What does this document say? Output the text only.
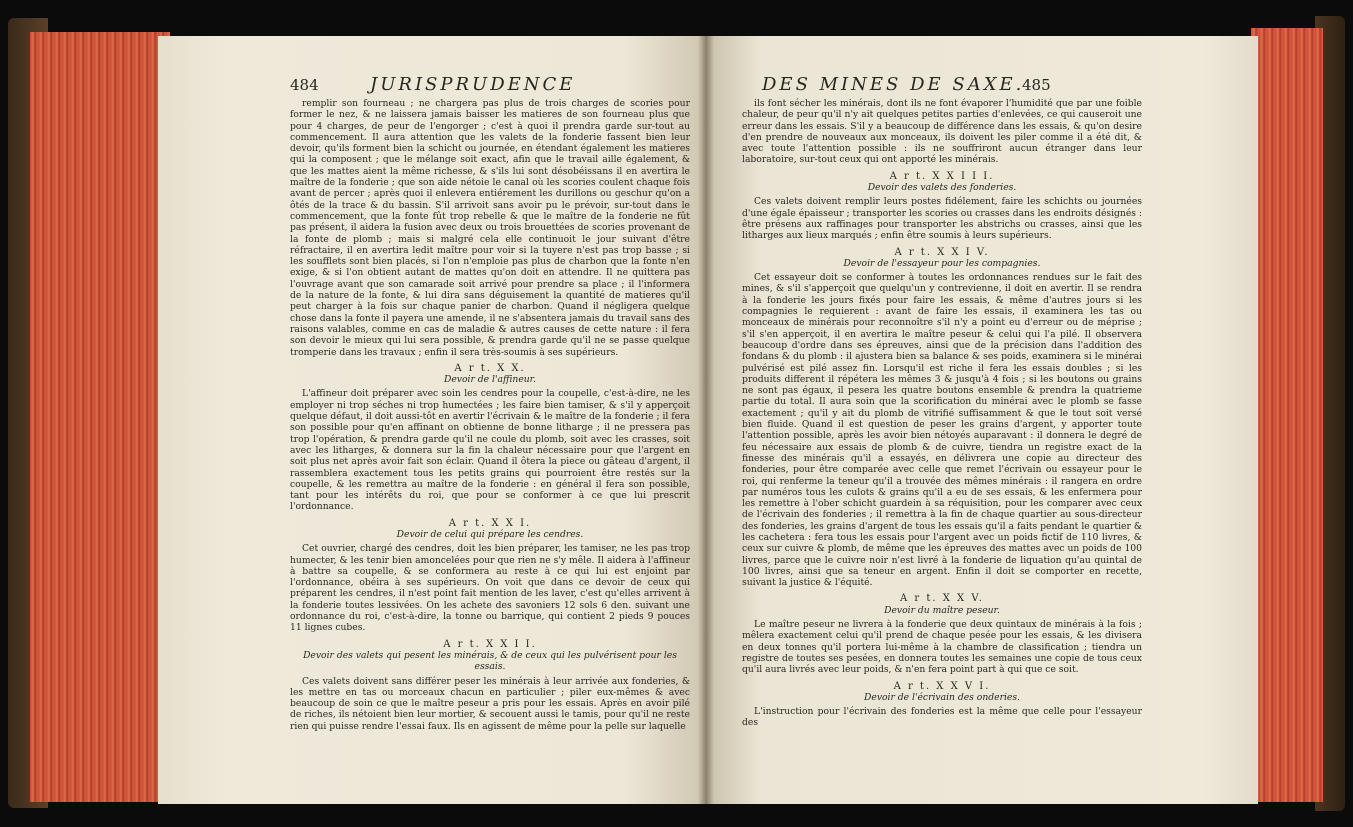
484	JURISPRUDENCE

remplir son fourneau ; ne chargera pas plus de trois charges de scories pour former le nez, & ne laissera jamais baisser les matieres de son fourneau plus que pour 4 charges, de peur de l'engorger ; c'est à quoi il prendra garde sur-tout au commencement. Il aura attention que les valets de la fonderie fassent bien leur devoir, qu'ils forment bien la schicht ou journée, en étendant également les matieres qui la composent ; que le mélange soit exact, afin que le travail aille également, & que les mattes aient la même richesse, & s'ils lui sont désobéissans il en avertira le maître de la fonderie ; que son aide nétoie le canal où les scories coulent chaque fois avant de percer ; après quoi il enlevera entiérement les durillons ou geschur qu'on a ôtés de la trace & du bassin. S'il arrivoit sans avoir pu le prévoir, sur-tout dans le commencement, que la fonte fût trop rebelle & que le maître de la fonderie ne fût pas présent, il aidera la fusion avec deux ou trois brouettées de scories provenant de la fonte de plomb ; mais si malgré cela elle continuoit le jour suivant d'être réfractaire, il en avertira ledit maître pour voir si la tuyere n'est pas trop basse ; si les soufflets sont bien placés, si l'on n'emploie pas plus de charbon que la fonte n'en exige, & si l'on obtient autant de mattes qu'on doit en attendre. Il ne quittera pas l'ouvrage avant que son camarade soit arrivé pour prendre sa place ; il l'informera de la nature de la fonte, & lui dira sans déguisement la quantité de matieres qu'il peut charger à la fois sur chaque panier de charbon. Quand il négligera quelque chose dans la fonte il payera une amende, il ne s'absentera jamais du travail sans des raisons valables, comme en cas de maladie & autres causes de cette nature : il fera son devoir le mieux qui lui sera possible, & prendra garde qu'il ne se passe quelque tromperie dans les travaux ; enfin il sera très-soumis à ses supérieurs.

A r t. X X.
Devoir de l'affineur.

L'affineur doit préparer avec soin les cendres pour la coupelle, c'est-à-dire, ne les employer ni trop séches ni trop humectées ; les faire bien tamiser, & s'il y apperçoit quelque défaut, il doit aussi-tôt en avertir l'écrivain & le maître de la fonderie ; il fera son possible pour qu'en affinant on obtienne de bonne litharge ; il ne pressera pas trop l'opération, & prendra garde qu'il ne coule du plomb, soit avec les crasses, soit avec les litharges, & donnera sur la fin la chaleur nécessaire pour que l'argent en soit plus net après avoir fait son éclair. Quand il ôtera la piece ou gâteau d'argent, il rassemblera exactement tous les petits grains qui pourroient être restés sur la coupelle, & les remettra au maître de la fonderie : en général il fera son possible, tant pour les intérêts du roi, que pour se conformer à ce que lui prescrit l'ordonnance.

A r t. X X I.
Devoir de celui qui prépare les cendres.

Cet ouvrier, chargé des cendres, doit les bien préparer, les tamiser, ne les pas trop humecter, & les tenir bien amoncelées pour que rien ne s'y mêle. Il aidera à l'affineur à battre sa coupelle, & se conformera au reste à ce qui lui est enjoint par l'ordonnance, obéira à ses supérieurs. On voit que dans ce devoir de ceux qui préparent les cendres, il n'est point fait mention de les laver, c'est qu'elles arrivent à la fonderie toutes lessivées. On les achete des savoniers 12 sols 6 den. suivant une ordonnance du roi, c'est-à-dire, la tonne ou barrique, qui contient 2 pieds 9 pouces 11 lignes cubes.

A r t. X X I I.
Devoir des valets qui pesent les minérais, & de ceux qui les pulvérisent pour les essais.

Ces valets doivent sans différer peser les minérais à leur arrivée aux fonderies, & les mettre en tas ou morceaux chacun en particulier ; piler eux-mêmes & avec beaucoup de soin ce que le maître peseur a pris pour les essais. Après en avoir pilé de riches, ils nétoient bien leur mortier, & secouent aussi le tamis, pour qu'il ne reste rien qui puisse rendre l'essai faux. Ils en agissent de même pour la pelle sur laquelle

DES MINES DE SAXE.
485

ils font sécher les minérais, dont ils ne font évaporer l'humidité que par une foible chaleur, de peur qu'il n'y ait quelques petites parties d'enlevées, ce qui causeroit une erreur dans les essais. S'il y a beaucoup de différence dans les essais, & qu'on desire d'en prendre de nouveaux aux monceaux, ils doivent les piler comme il a été dit, & avec toute l'attention possible : ils ne souffriront aucun étranger dans leur laboratoire, sur-tout ceux qui ont apporté les minérais.

A r t. X X I I I.
Devoir des valets des fonderies.

Ces valets doivent remplir leurs postes fidélement, faire les schichts ou journées d'une égale épaisseur ; transporter les scories ou crasses dans les endroits désignés : être présens aux raffinages pour transporter les abstrichs ou crasses, ainsi que les litharges aux lieux marqués ; enfin être soumis à leurs supérieurs.

A r t. X X I V.
Devoir de l'essayeur pour les compagnies.

Cet essayeur doit se conformer à toutes les ordonnances rendues sur le fait des mines, & s'il s'apperçoit que quelqu'un y contrevienne, il doit en avertir. Il se rendra à la fonderie les jours fixés pour faire les essais, & même d'autres jours si les compagnies le requierent : avant de faire les essais, il examinera les tas ou monceaux de minérais pour reconnoître s'il n'y a point eu d'erreur ou de méprise ; s'il s'en apperçoit, il en avertira le maître peseur & celui qui l'a pilé. Il observera beaucoup d'ordre dans ses épreuves, ainsi que de la précision dans l'addition des fondans & du plomb : il ajustera bien sa balance & ses poids, examinera si le minérai pulvérisé est pilé assez fin. Lorsqu'il est riche il fera les essais doubles ; si les produits different il répétera les mêmes 3 & jusqu'à 4 fois ; si les boutons ou grains ne sont pas égaux, il pesera les quatre boutons ensemble & prendra la quatrieme partie du total. Il aura soin que la scorification du minérai avec le plomb se fasse exactement ; qu'il y ait du plomb de vitrifié suffisamment & que le tout soit versé bien fluide. Quand il est question de peser les grains d'argent, y apporter toute l'attention possible, après les avoir bien nétoyés auparavant : il donnera le degré de feu nécessaire aux essais de plomb & de cuivre, tiendra un registre exact de la finesse des minérais qu'il a essayés, en délivrera une copie au directeur des fonderies, pour être comparée avec celle que remet l'écrivain ou essayeur pour le roi, qui renferme la teneur qu'il a trouvée des mêmes minérais : il rangera en ordre par numéros tous les culots & grains qu'il a eu de ses essais, & les enfermera pour les remettre à l'ober schicht guardein à sa réquisition, pour les comparer avec ceux de l'écrivain des fonderies ; il remettra à la fin de chaque quartier au sous-directeur des fonderies, les grains d'argent de tous les essais qu'il a faits pendant le quartier & les cachetera : fera tous les essais pour l'argent avec un poids fictif de 110 livres, & ceux sur cuivre & plomb, de même que les épreuves des mattes avec un poids de 100 livres, parce que le cuivre noir n'est livré à la fonderie de liquation qu'au quintal de 100 livres, ainsi que sa teneur en argent. Enfin il doit se comporter en recette, suivant la justice & l'équité.

A r t. X X V.
Devoir du maître peseur.

Le maître peseur ne livrera à la fonderie que deux quintaux de minérais à la fois ; mêlera exactement celui qu'il prend de chaque pesée pour les essais, & les divisera en deux tonnes qu'il portera lui-même à la chambre de classification ; tiendra un registre de toutes ses pesées, en donnera toutes les semaines une copie de tous ceux qu'il aura livrés avec leur poids, & n'en fera point part à qui que ce soit.

A r t. X X V I.
Devoir de l'écrivain des onderies.

L'instruction pour l'écrivain des fonderies est la même que celle pour l'essayeur des
